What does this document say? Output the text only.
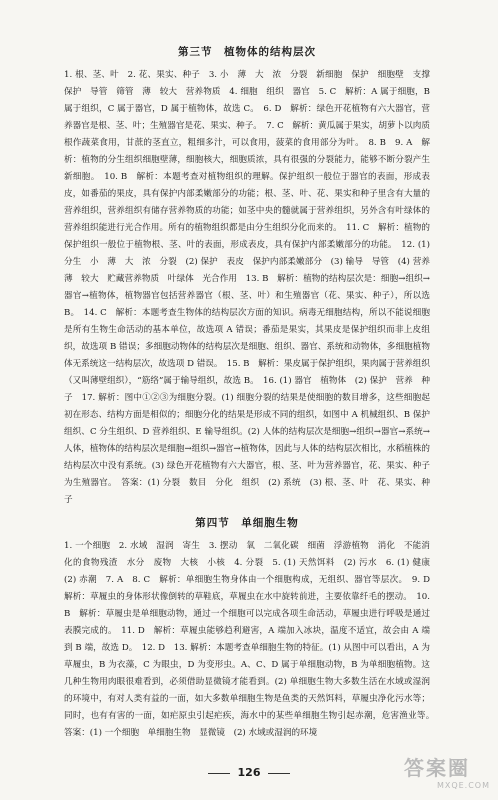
第三节　植物体的结构层次

1. 根、茎、叶　2. 花、果实、种子　3. 小　薄　大　浓　分裂　新细胞　保护　细胞壁　支撑　保护　导管　筛管　薄　较大　营养物质　4. 细胞　组织　器官　5. C　解析：A 属于细胞，B 属于组织，C 属于器官，D 属于植物体，故选 C。　6. D　解析：绿色开花植物有六大器官，营养器官是根、茎、叶；生殖器官是花、果实、种子。　7. C　解析：黄瓜属于果实，胡萝卜以肉质根作蔬菜食用，甘蔗的茎直立，粗细多汁，可以食用，菠菜的食用部分为叶。　8. B　9. A　解析：植物的分生组织细胞壁薄，细胞核大，细胞质浓，具有很强的分裂能力，能够不断分裂产生新细胞。　10. B　解析：本题考查对植物组织的理解。保护组织一般位于器官的表面，形成表皮，如番茄的果皮，具有保护内部柔嫩部分的功能；根、茎、叶、花、果实和种子里含有大量的营养组织，营养组织有储存营养物质的功能；如茎中央的髓就属于营养组织，另外含有叶绿体的营养组织能进行光合作用。所有的植物组织都是由分生组织分化而来的。　11. C　解析：植物的保护组织一般位于植物根、茎、叶的表面，形成表皮，具有保护内部柔嫩部分的功能。　12. (1) 分生　小　薄　大　浓　分裂　(2) 保护　表皮　保护内部柔嫩部分　(3) 输导　导管　(4) 营养　薄　较大　贮藏营养物质　叶绿体　光合作用　13. B　解析：植物的结构层次是：细胞→组织→器官→植物体，植物器官包括营养器官（根、茎、叶）和生殖器官（花、果实、种子），所以选 B。　14. C　解析：本题考查生物体的结构层次方面的知识。病毒无细胞结构，所以不能说细胞是所有生物生命活动的基本单位，故选项 A 错误；番茄是果实，其果皮是保护组织而非上皮组织，故选项 B 错误；多细胞动物体的结构层次是细胞、组织、器官、系统和动物体，多细胞植物体无系统这一结构层次，故选项 D 错误。　15. B　解析：果皮属于保护组织，果肉属于营养组织（又叫薄壁组织），“筋络”属于输导组织，故选 B。　16. (1) 器官　植物体　(2) 保护　营养　种子　17. 解析：图中①②③为细胞分裂。(1) 细胞分裂的结果是使细胞的数目增多，这些细胞起初在形态、结构方面是相似的；细胞分化的结果是形成不同的组织，如图中 A 机械组织、B 保护组织、C 分生组织、D 营养组织、E 输导组织。(2) 人体的结构层次是细胞→组织→器官→系统→人体，植物体的结构层次是细胞→组织→器官→植物体，因此与人体的结构层次相比，水稻植株的结构层次中没有系统。(3) 绿色开花植物有六大器官，根、茎、叶为营养器官，花、果实、种子为生殖器官。　答案：(1) 分裂　数目　分化　组织　(2) 系统　(3) 根、茎、叶　花、果实、种子

第四节　单细胞生物

1. 一个细胞　2. 水域　湿润　寄生　3. 摆动　氧　二氧化碳　细菌　浮游植物　消化　不能消化的食物残渣　水分　废物　大核　小核　4. 分裂　5. (1) 天然饵料　(2) 污水　6. (1) 健康　(2) 赤潮　7. A　8. C　解析：单细胞生物身体由一个细胞构成，无组织、器官等层次。　9. D　解析：草履虫的身体形状像倒转的草鞋底，草履虫在水中旋转前进，主要依靠纤毛的摆动。　10. B　解析：草履虫是单细胞动物，通过一个细胞可以完成各项生命活动，草履虫进行呼吸是通过表膜完成的。　11. D　解析：草履虫能够趋利避害，A 端加入冰块，温度不适宜，故会由 A 端到 B 端，故选 D。　12. D　13. 解析：本题考查单细胞生物的特征。(1) 从图中可以看出，A 为草履虫，B 为衣藻，C 为眼虫，D 为变形虫。A、C、D 属于单细胞动物，B 为单细胞植物。这几种生物用肉眼很难看到，必须借助显微镜才能看到。(2) 单细胞生物大多数生活在水域或湿润的环境中，有对人类有益的一面，如大多数单细胞生物是鱼类的天然饵料，草履虫净化污水等；同时，也有有害的一面，如疟原虫引起疟疾，海水中的某些单细胞生物引起赤潮，危害渔业等。　答案：(1) 一个细胞　单细胞生物　显微镜　(2) 水域或湿润的环境

126	答案圈
MXQE.COM
